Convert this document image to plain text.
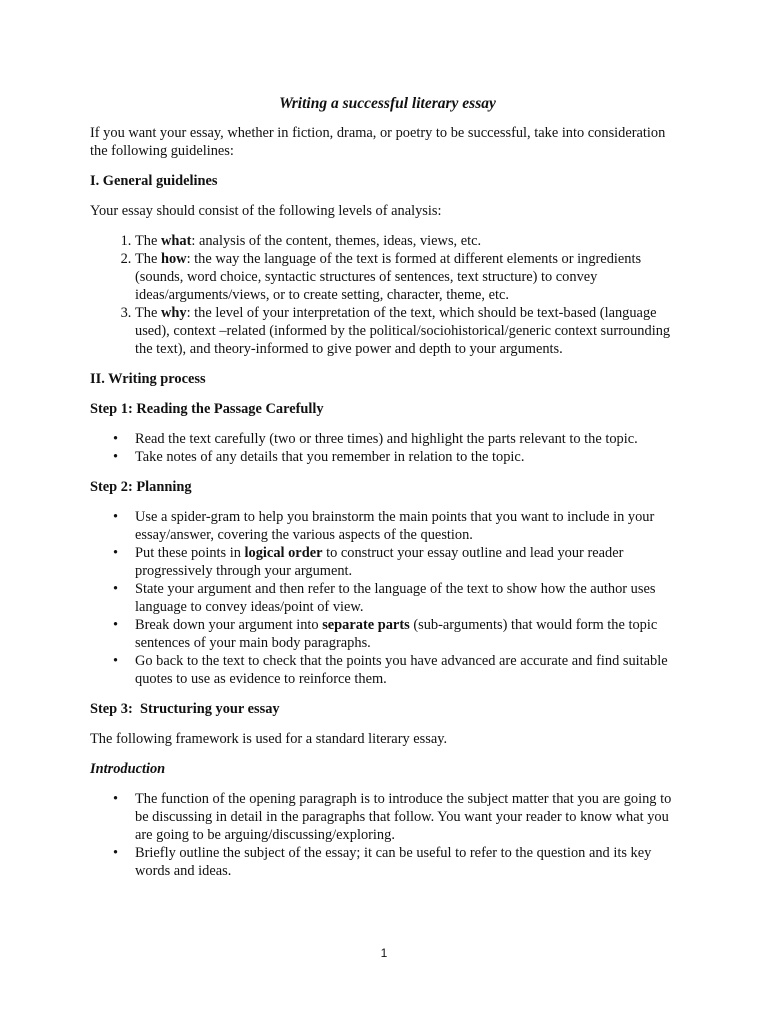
Writing a successful literary essay

If you want your essay, whether in fiction, drama, or poetry to be successful, take into consideration the following guidelines:

I. General guidelines

Your essay should consist of the following levels of analysis:

1. The what: analysis of the content, themes, ideas, views, etc.
2. The how: the way the language of the text is formed at different elements or ingredients (sounds, word choice, syntactic structures of sentences, text structure) to convey ideas/arguments/views, or to create setting, character, theme, etc.
3. The why: the level of your interpretation of the text, which should be text-based (language used), context –related (informed by the political/sociohistorical/generic context surrounding the text), and theory-informed to give power and depth to your arguments.

II. Writing process

Step 1: Reading the Passage Carefully

• Read the text carefully (two or three times) and highlight the parts relevant to the topic.
• Take notes of any details that you remember in relation to the topic.

Step 2: Planning

• Use a spider-gram to help you brainstorm the main points that you want to include in your essay/answer, covering the various aspects of the question.
• Put these points in logical order to construct your essay outline and lead your reader progressively through your argument.
• State your argument and then refer to the language of the text to show how the author uses language to convey ideas/point of view.
• Break down your argument into separate parts (sub-arguments) that would form the topic sentences of your main body paragraphs.
• Go back to the text to check that the points you have advanced are accurate and find suitable quotes to use as evidence to reinforce them.

Step 3:  Structuring your essay

The following framework is used for a standard literary essay.

Introduction

• The function of the opening paragraph is to introduce the subject matter that you are going to be discussing in detail in the paragraphs that follow. You want your reader to know what you are going to be arguing/discussing/exploring.
• Briefly outline the subject of the essay; it can be useful to refer to the question and its key words and ideas.
1
